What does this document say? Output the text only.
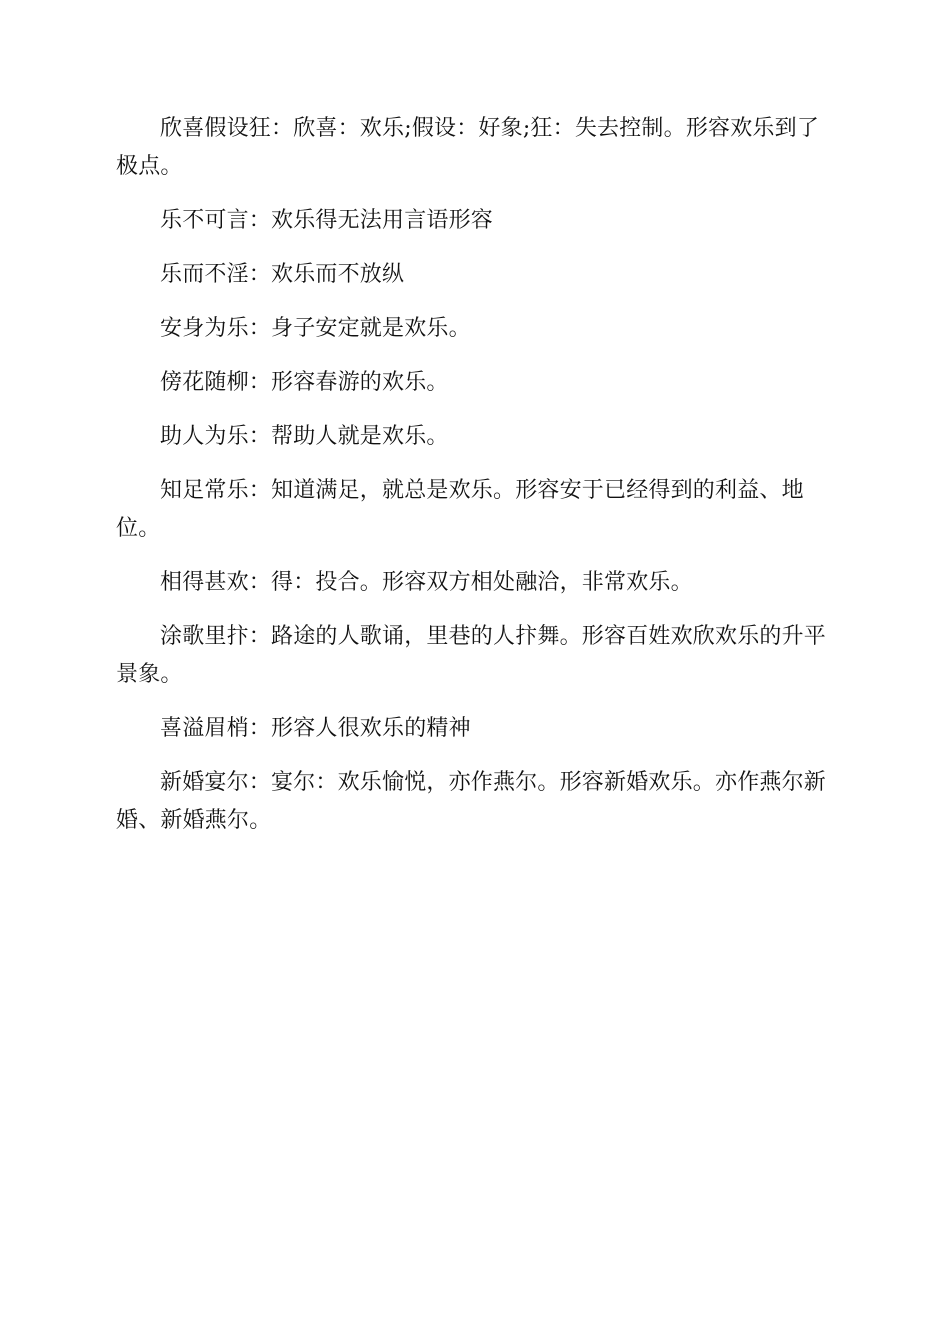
欣喜假设狂：欣喜：欢乐;假设：好象;狂：失去控制。形容欢乐到了极点。

乐不可言：欢乐得无法用言语形容

乐而不淫：欢乐而不放纵

安身为乐：身子安定就是欢乐。

傍花随柳：形容春游的欢乐。

助人为乐：帮助人就是欢乐。

知足常乐：知道满足，就总是欢乐。形容安于已经得到的利益、地位。

相得甚欢：得：投合。形容双方相处融洽，非常欢乐。

涂歌里抃：路途的人歌诵，里巷的人抃舞。形容百姓欢欣欢乐的升平景象。

喜溢眉梢：形容人很欢乐的精神

新婚宴尔：宴尔：欢乐愉悦，亦作燕尔。形容新婚欢乐。亦作燕尔新婚、新婚燕尔。
